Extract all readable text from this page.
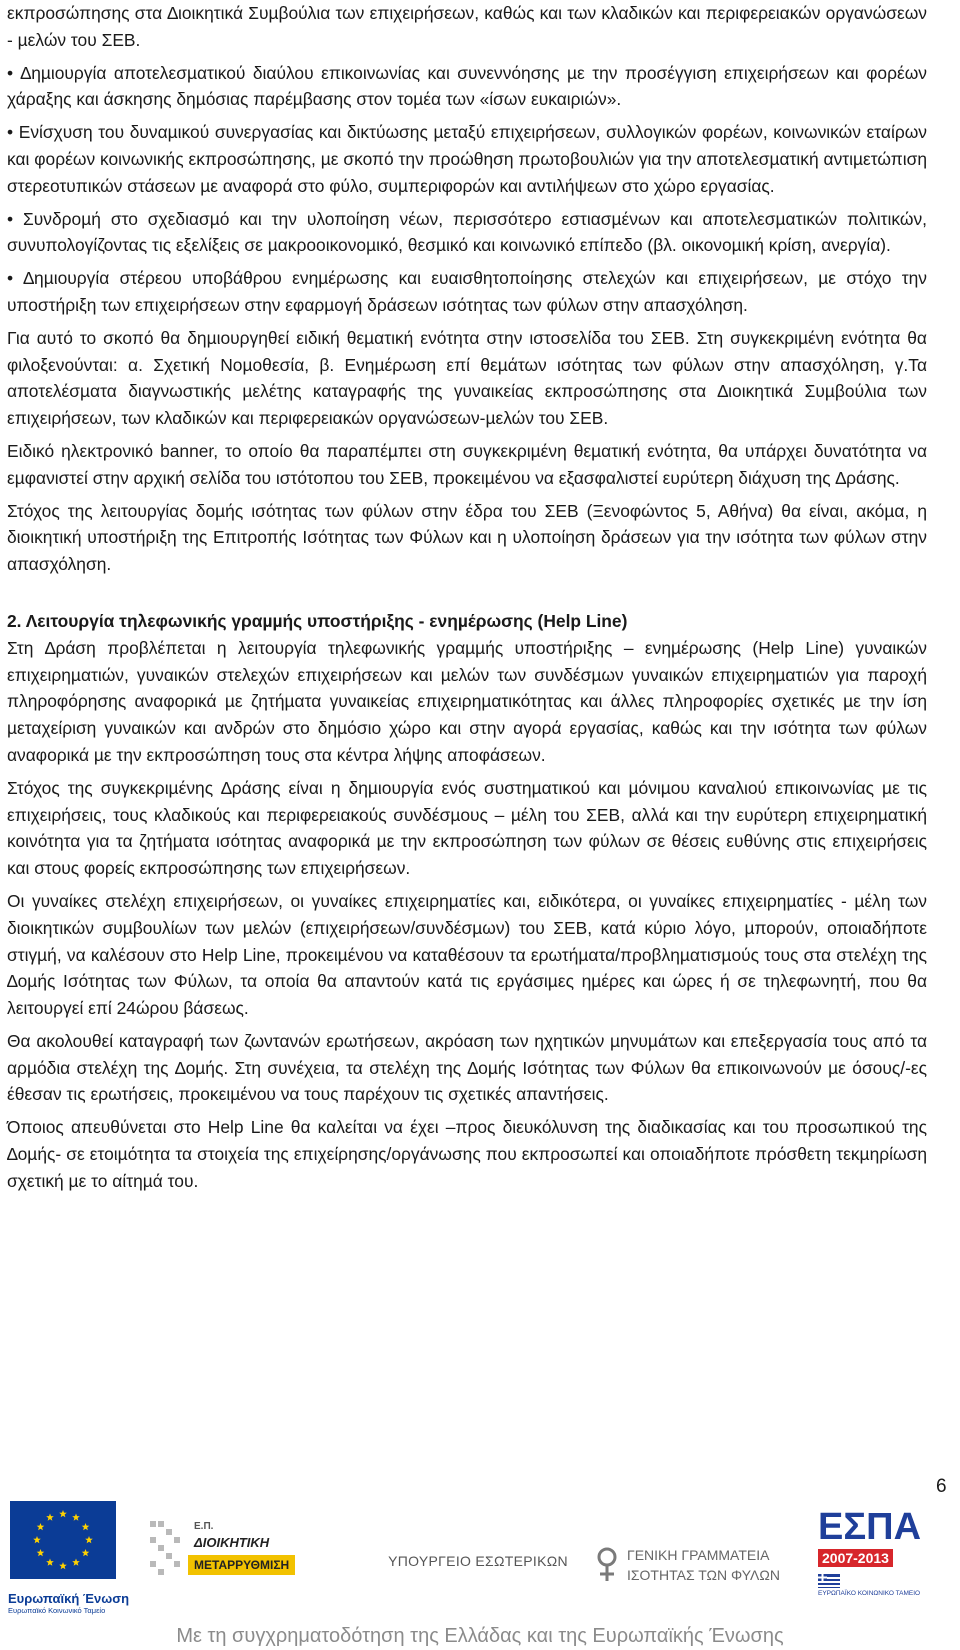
εκπροσώπησης στα ∆ιοικητικά Συµβούλια των επιχειρήσεων, καθώς και των κλαδικών και περιφερειακών οργανώσεων - µελών του ΣΕΒ.

• ∆ηµιουργία αποτελεσµατικού διαύλου επικοινωνίας και συνεννόησης µε την προσέγγιση επιχειρήσεων και φορέων χάραξης και άσκησης δηµόσιας παρέµβασης στον τοµέα των «ίσων ευκαιριών».

• Ενίσχυση του δυναµικού συνεργασίας και δικτύωσης µεταξύ επιχειρήσεων, συλλογικών φορέων, κοινωνικών εταίρων και φορέων κοινωνικής εκπροσώπησης, µε σκοπό την προώθηση πρωτοβουλιών για την αποτελεσµατική αντιµετώπιση στερεοτυπικών στάσεων µε αναφορά στο φύλο, συµπεριφορών και αντιλήψεων στο χώρο εργασίας.

• Συνδροµή στο σχεδιασµό και την υλοποίηση νέων, περισσότερο εστιασµένων και αποτελεσµατικών πολιτικών, συνυπολογίζοντας τις εξελίξεις σε µακροοικονοµικό, θεσµικό και κοινωνικό επίπεδο (βλ. οικονοµική κρίση, ανεργία).

• ∆ηµιουργία στέρεου υποβάθρου ενηµέρωσης και ευαισθητοποίησης στελεχών και επιχειρήσεων, µε στόχο την υποστήριξη των επιχειρήσεων στην εφαρµογή δράσεων ισότητας των φύλων στην απασχόληση.

Για αυτό το σκοπό θα δηµιουργηθεί ειδική θεµατική ενότητα στην ιστοσελίδα του ΣΕΒ. Στη συγκεκριµένη ενότητα θα φιλοξενούνται: α. Σχετική Νοµοθεσία, β. Ενηµέρωση επί θεµάτων ισότητας των φύλων στην απασχόληση, γ.Τα αποτελέσµατα διαγνωστικής µελέτης καταγραφής της γυναικείας εκπροσώπησης στα ∆ιοικητικά Συµβούλια των επιχειρήσεων, των κλαδικών και περιφερειακών οργανώσεων-µελών του ΣΕΒ.

Ειδικό ηλεκτρονικό banner, το οποίο θα παραπέµπει στη συγκεκριµένη θεµατική ενότητα, θα υπάρχει δυνατότητα να εµφανιστεί στην αρχική σελίδα του ιστότοπου του ΣΕΒ, προκειµένου να εξασφαλιστεί ευρύτερη διάχυση της ∆ράσης.

Στόχος της λειτουργίας δοµής ισότητας των φύλων στην έδρα του ΣΕΒ (Ξενοφώντος 5, Αθήνα) θα είναι, ακόµα, η διοικητική υποστήριξη της Επιτροπής Ισότητας των Φύλων και η υλοποίηση δράσεων για την ισότητα των φύλων στην απασχόληση.

2. Λειτουργία τηλεφωνικής γραµµής υποστήριξης - ενηµέρωσης (Help Line)

Στη ∆ράση προβλέπεται η λειτουργία τηλεφωνικής γραµµής υποστήριξης – ενηµέρωσης (Help Line) γυναικών επιχειρηµατιών, γυναικών στελεχών επιχειρήσεων και µελών των συνδέσµων γυναικών επιχειρηµατιών για παροχή πληροφόρησης αναφορικά µε ζητήµατα γυναικείας επιχειρηµατικότητας και άλλες πληροφορίες σχετικές µε την ίση µεταχείριση γυναικών και ανδρών στο δηµόσιο χώρο και στην αγορά εργασίας, καθώς και την ισότητα των φύλων αναφορικά µε την εκπροσώπηση τους στα κέντρα λήψης αποφάσεων.

Στόχος της συγκεκριµένης ∆ράσης είναι η δηµιουργία ενός συστηµατικού και µόνιµου καναλιού επικοινωνίας µε τις επιχειρήσεις, τους κλαδικούς και περιφερειακούς συνδέσµους – µέλη του ΣΕΒ, αλλά και την ευρύτερη επιχειρηµατική κοινότητα για τα ζητήµατα ισότητας αναφορικά µε την εκπροσώπηση των φύλων σε θέσεις ευθύνης στις επιχειρήσεις και στους φορείς εκπροσώπησης των επιχειρήσεων.

Οι γυναίκες στελέχη επιχειρήσεων, οι γυναίκες επιχειρηµατίες και, ειδικότερα, οι γυναίκες επιχειρηµατίες - µέλη των διοικητικών συµβουλίων των µελών (επιχειρήσεων/συνδέσµων) του ΣΕΒ, κατά κύριο λόγο, µπορούν, οποιαδήποτε στιγµή, να καλέσουν στο Help Line, προκειµένου να καταθέσουν τα ερωτήµατα/προβληµατισµούς τους στα στελέχη της ∆οµής Ισότητας των Φύλων, τα οποία θα απαντούν κατά τις εργάσιµες ηµέρες και ώρες ή σε τηλεφωνητή, που θα λειτουργεί επί 24ώρου βάσεως.

Θα ακολουθεί καταγραφή των ζωντανών ερωτήσεων, ακρόαση των ηχητικών µηνυµάτων και επεξεργασία τους από τα αρµόδια στελέχη της ∆οµής. Στη συνέχεια, τα στελέχη της ∆οµής Ισότητας των Φύλων θα επικοινωνούν µε όσους/-ες έθεσαν τις ερωτήσεις, προκειµένου να τους παρέχουν τις σχετικές απαντήσεις.

Όποιος απευθύνεται στο Help Line θα καλείται να έχει –προς διευκόλυνση της διαδικασίας και του προσωπικού της ∆οµής- σε ετοιµότητα τα στοιχεία της επιχείρησης/οργάνωσης που εκπροσωπεί και οποιαδήποτε πρόσθετη τεκµηρίωση σχετική µε το αίτηµά του.

6
Ευρωπαϊκή Ένωση
Ευρωπαϊκό Κοινωνικό Ταμείο
Ε.Π.
ΔΙΟΙΚΗΤΙΚΗ
ΜΕΤΑΡΡΥΘΜΙΣΗ	ΥΠΟΥΡΓΕΙΟ ΕΣΩΤΕΡΙΚΩΝ	ΓΕΝΙΚΗ ΓΡΑΜΜΑΤΕΙΑ
ΙΣΟΤΗΤΑΣ ΤΩΝ ΦΥΛΩΝ
ΕΣΠΑ
2007-2013
ΕΥΡΩΠΑΪΚΟ ΚΟΙΝΩΝΙΚΟ ΤΑΜΕΙΟ
Με τη συγχρηματοδότηση της Ελλάδας και της Ευρωπαϊκής Ένωσης
